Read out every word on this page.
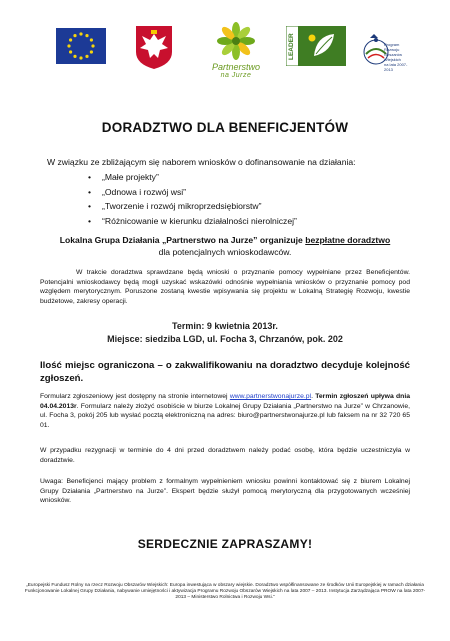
Partnerstwo
na Jurze
LEADER	Program
Rozwoju
Obszarów
Wiejskich
na lata 2007-2013
DORADZTWO DLA BENEFICJENTÓW
W związku ze zbliżającym się naborem wniosków o dofinansowanie na działania:
• „Małe projekty”
• „Odnowa i rozwój wsi”
• „Tworzenie i rozwój mikroprzedsiębiorstw”
• “Różnicowanie w kierunku działalności nierolniczej”
Lokalna Grupa Działania „Partnerstwo na Jurze” organizuje bezpłatne doradztwo
dla potencjalnych wnioskodawców.
W trakcie doradztwa sprawdzane będą wnioski o przyznanie pomocy wypełniane przez Beneficjentów. Potencjalni wnioskodawcy będą mogli uzyskać wskazówki odnośnie wypełniania wniosków o przyznanie pomocy pod względem merytorycznym. Poruszone zostaną kwestie wpisywania się projektu w Lokalną Strategię Rozwoju, kwestie budżetowe, zakresy operacji.
Termin: 9 kwietnia 2013r.
Miejsce: siedziba LGD, ul. Focha 3, Chrzanów, pok. 202
Ilość miejsc ograniczona – o zakwalifikowaniu na doradztwo decyduje kolejność zgłoszeń.
Formularz zgłoszeniowy jest dostępny na stronie internetowej www.partnerstwonajurze.pl. Termin zgłoszeń upływa dnia 04.04.2013r. Formularz należy złożyć osobiście w biurze Lokalnej Grupy Działania „Partnerstwo na Jurze” w Chrzanowie, ul. Focha 3, pokój 205 lub wysłać pocztą elektroniczną na adres: biuro@partnerstwonajurze.pl lub faksem na nr 32 720 65 01.
W przypadku rezygnacji w terminie do 4 dni przed doradztwem należy podać osobę, która będzie uczestniczyła w doradztwie.
Uwaga: Beneficjenci mający problem z formalnym wypełnieniem wniosku powinni kontaktować się z biurem Lokalnej Grupy Działania „Partnerstwo na Jurze”. Ekspert będzie służył pomocą merytoryczną dla przygotowanych wcześniej wniosków.
SERDECZNIE ZAPRASZAMY!
„Europejski Fundusz Rolny na rzecz Rozwoju Obszarów Wiejskich: Europa inwestująca w obszary wiejskie. Doradztwo współfinansowane ze środków Unii Europejskiej w ramach działania Funkcjonowanie Lokalnej Grupy Działania, nabywanie umiejętności i aktywizacja Programu Rozwoju Obszarów Wiejskich na lata 2007 – 2013. Instytucja Zarządzająca PROW na lata 2007-2013 – Ministerstwo Rolnictwa i Rozwoju Wsi.”
